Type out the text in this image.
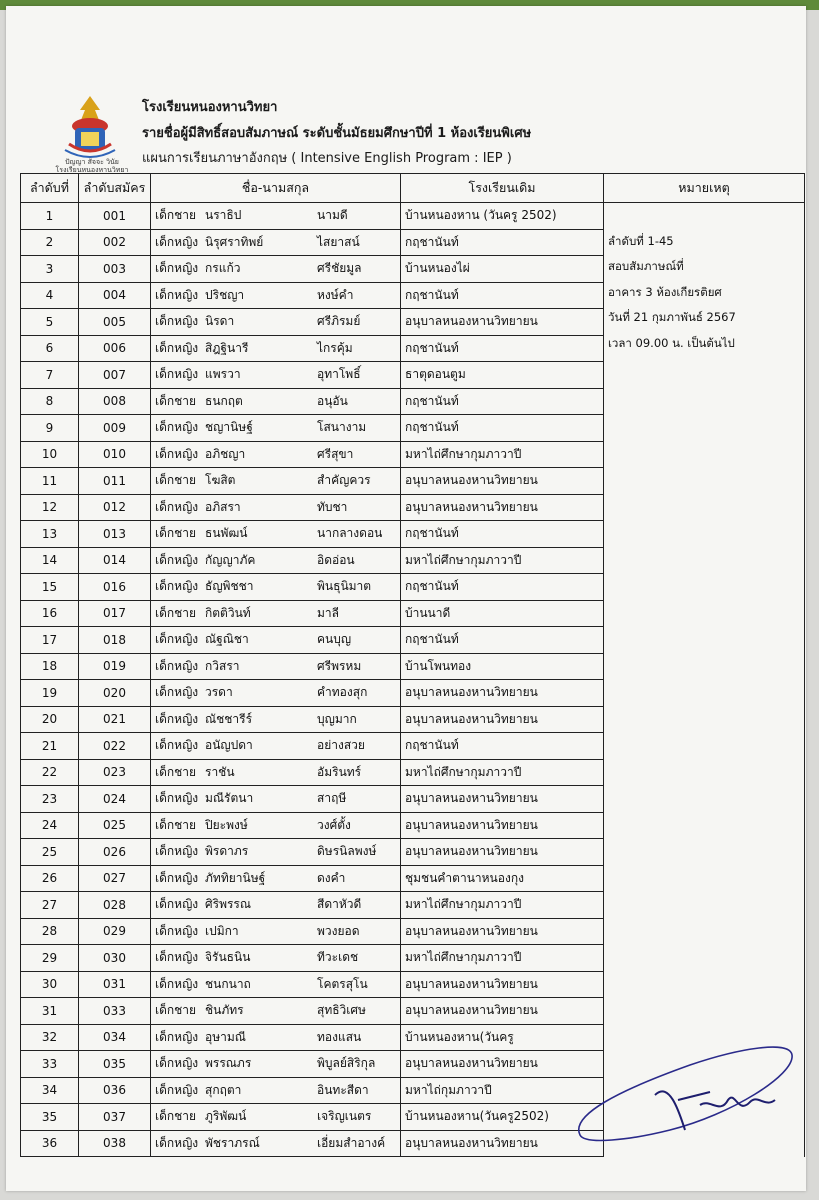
ปัญญา สัจจะ วินัย
โรงเรียนหนองหานวิทยา
โรงเรียนหนองหานวิทยา
รายชื่อผู้มีสิทธิ์สอบสัมภาษณ์ ระดับชั้นมัธยมศึกษาปีที่ 1 ห้องเรียนพิเศษ
แผนการเรียนภาษาอังกฤษ ( Intensive English Program : IEP )
ลำดับที่	ลำดับสมัคร	ชื่อ-นามสกุล	โรงเรียนเดิม	หมายเหตุ
1	001	เด็กชาย นราธิป นามดี	บ้านหนองหาน (วันครู 2502)	ลำดับที่ 1-45
สอบสัมภาษณ์ที่
อาคาร 3 ห้องเกียรติยศ
วันที่ 21 กุมภาพันธ์ 2567
เวลา 09.00 น. เป็นต้นไป

2	002	เด็กหญิง นิรุศราทิพย์ ไสยาสน์	กฤชานันท์	
3	003	เด็กหญิง กรแก้ว ศรีชัยมูล	บ้านหนองไผ่	
4	004	เด็กหญิง ปริชญา หงษ์คำ	กฤชานันท์	
5	005	เด็กหญิง นิรดา ศรีภิรมย์	อนุบาลหนองหานวิทยายน	
6	006	เด็กหญิง สิฎฐินารี ไกรคุ้ม	กฤชานันท์	
7	007	เด็กหญิง แพรวา อุทาโพธิ์	ธาตุดอนตูม	
8	008	เด็กชาย ธนกฤต อนุอัน	กฤชานันท์	
9	009	เด็กหญิง ชญานิษฐ์ โสนางาม	กฤชานันท์	
10	010	เด็กหญิง อภิชญา ศรีสุขา	มหาไถ่ศึกษากุมภาวาปี	
11	011	เด็กชาย โฆสิต สำคัญควร	อนุบาลหนองหานวิทยายน	
12	012	เด็กหญิง อภิสรา ทับชา	อนุบาลหนองหานวิทยายน	
13	013	เด็กชาย ธนพัฒน์ นากลางดอน	กฤชานันท์	
14	014	เด็กหญิง กัญญาภัค อิดอ่อน	มหาไถ่ศึกษากุมภาวาปี	
15	016	เด็กหญิง ธัญพิชชา พินธุนิมาต	กฤชานันท์	
16	017	เด็กชาย กิตติวินท์ มาลี	บ้านนาดี	
17	018	เด็กหญิง ณัฐณิชา คนบุญ	กฤชานันท์	
18	019	เด็กหญิง กวิสรา ศรีพรหม	บ้านโพนทอง	
19	020	เด็กหญิง วรดา คำทองสุก	อนุบาลหนองหานวิทยายน	
20	021	เด็กหญิง ณัชชารีร์ บุญมาก	อนุบาลหนองหานวิทยายน	
21	022	เด็กหญิง อนัญปดา อย่างสวย	กฤชานันท์	
22	023	เด็กชาย ราชัน อัมรินทร์	มหาไถ่ศึกษากุมภาวาปี	
23	024	เด็กหญิง มณีรัตนา สาฤษี	อนุบาลหนองหานวิทยายน	
24	025	เด็กชาย ปิยะพงษ์ วงศ์ตั้ง	อนุบาลหนองหานวิทยายน	
25	026	เด็กหญิง พิรดาภร ดิษรนิลพงษ์	อนุบาลหนองหานวิทยายน	
26	027	เด็กหญิง ภัททิยานิษฐ์ ดงคำ	ชุมชนคำตานาหนองกุง	
27	028	เด็กหญิง ศิริพรรณ สีดาหัวดี	มหาไถ่ศึกษากุมภาวาปี	
28	029	เด็กหญิง เปมิกา พวงยอด	อนุบาลหนองหานวิทยายน	
29	030	เด็กหญิง จิรันธนิน ทีวะเดช	มหาไถ่ศึกษากุมภาวาปี	
30	031	เด็กหญิง ชนกนาถ โคตรสุโน	อนุบาลหนองหานวิทยายน	
31	033	เด็กชาย ชินภัทร สุทธิวิเศษ	อนุบาลหนองหานวิทยายน	
32	034	เด็กหญิง อุษามณี ทองแสน	บ้านหนองหาน(วันครู	
33	035	เด็กหญิง พรรณภร พิบูลย์สิริกุล	อนุบาลหนองหานวิทยายน	
34	036	เด็กหญิง สุกฤตา อินทะสีดา	มหาไถ่กุมภาวาปี	
35	037	เด็กชาย ภูริพัฒน์ เจริญเนตร	บ้านหนองหาน(วันครู2502)	
36	038	เด็กหญิง พัชราภรณ์ เอี่ยมสำอางค์	อนุบาลหนองหานวิทยายน	
